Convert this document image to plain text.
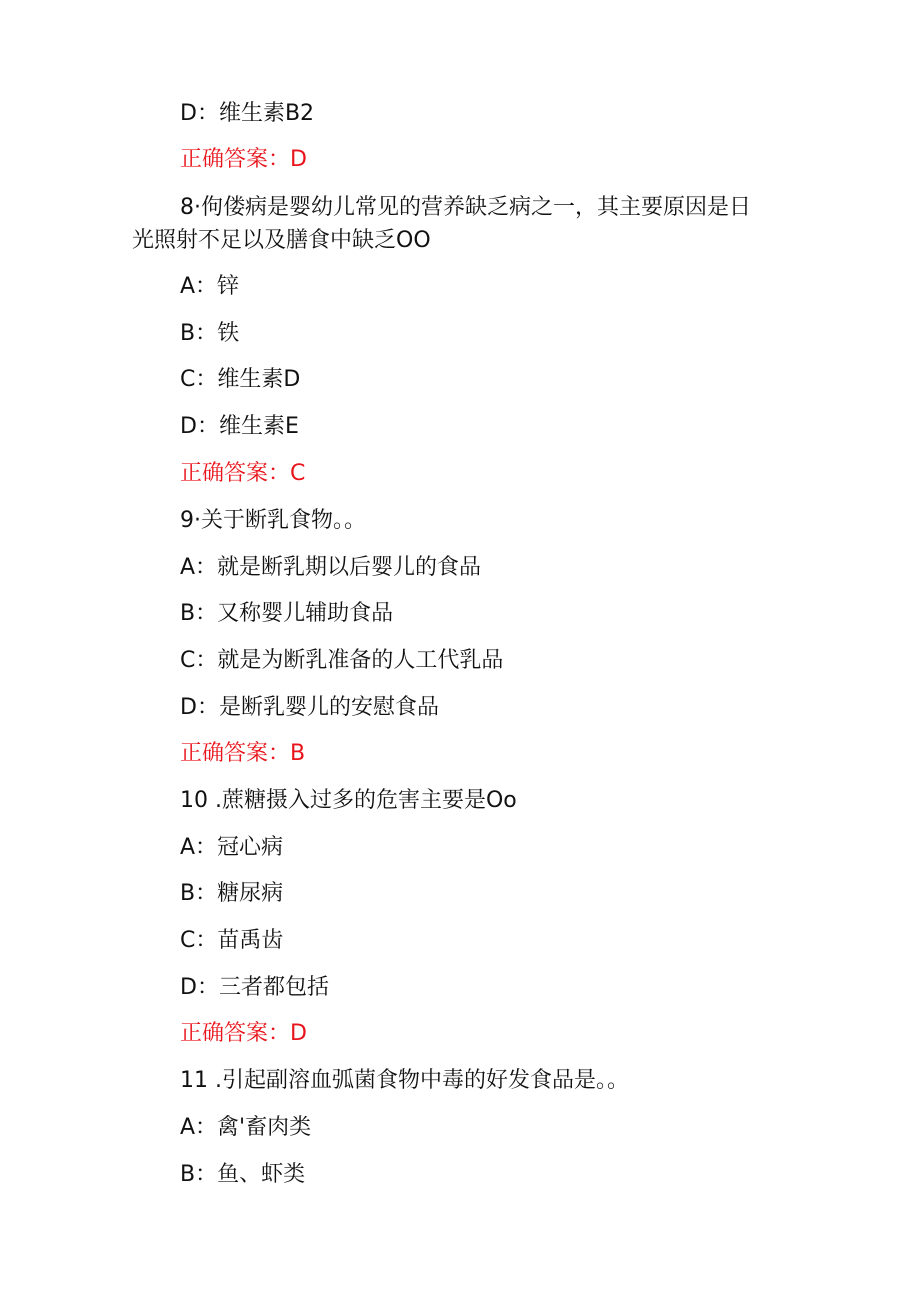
D：维生素B2
正确答案：D
8·佝偻病是婴幼儿常见的营养缺乏病之一，其主要原因是日
光照射不足以及膳食中缺乏OO
A：锌
B：铁
C：维生素D
D：维生素E
正确答案：C
9·关于断乳食物。。
A：就是断乳期以后婴儿的食品
B：又称婴儿辅助食品
C：就是为断乳准备的人工代乳品
D：是断乳婴儿的安慰食品
正确答案：B
10 .蔗糖摄入过多的危害主要是Oo
A：冠心病
B：糖尿病
C：苗禹齿
D：三者都包括
正确答案：D
11 .引起副溶血弧菌食物中毒的好发食品是。。
A：禽'畜肉类
B：鱼、虾类
